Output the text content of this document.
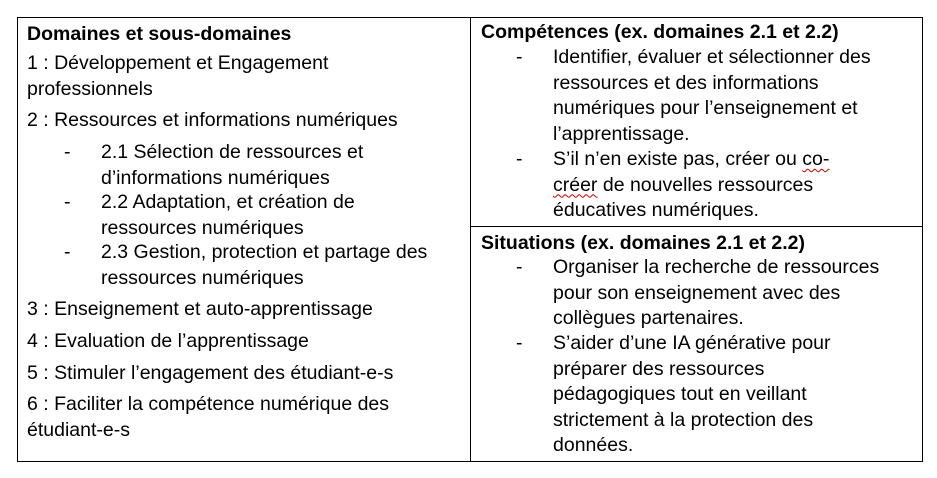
Domaines et sous-domaines
1 : Développement et Engagement professionnels
2 : Ressources et informations numériques
- 2.1 Sélection de ressources et d’informations numériques
- 2.2 Adaptation, et création de ressources numériques
- 2.3 Gestion, protection et partage des ressources numériques
3 : Enseignement et auto-apprentissage
4 : Evaluation de l’apprentissage
5 : Stimuler l’engagement des étudiant-e-s
6 : Faciliter la compétence numérique des étudiant-e-s
Compétences (ex. domaines 2.1 et 2.2)
- Identifier, évaluer et sélectionner des ressources et des informations numériques pour l’enseignement et l’apprentissage.
- S’il n’en existe pas, créer ou co-créer de nouvelles ressources éducatives numériques.
Situations (ex. domaines 2.1 et 2.2)
- Organiser la recherche de ressources pour son enseignement avec des collègues partenaires.
- S’aider d’une IA générative pour préparer des ressources pédagogiques tout en veillant strictement à la protection des données.
